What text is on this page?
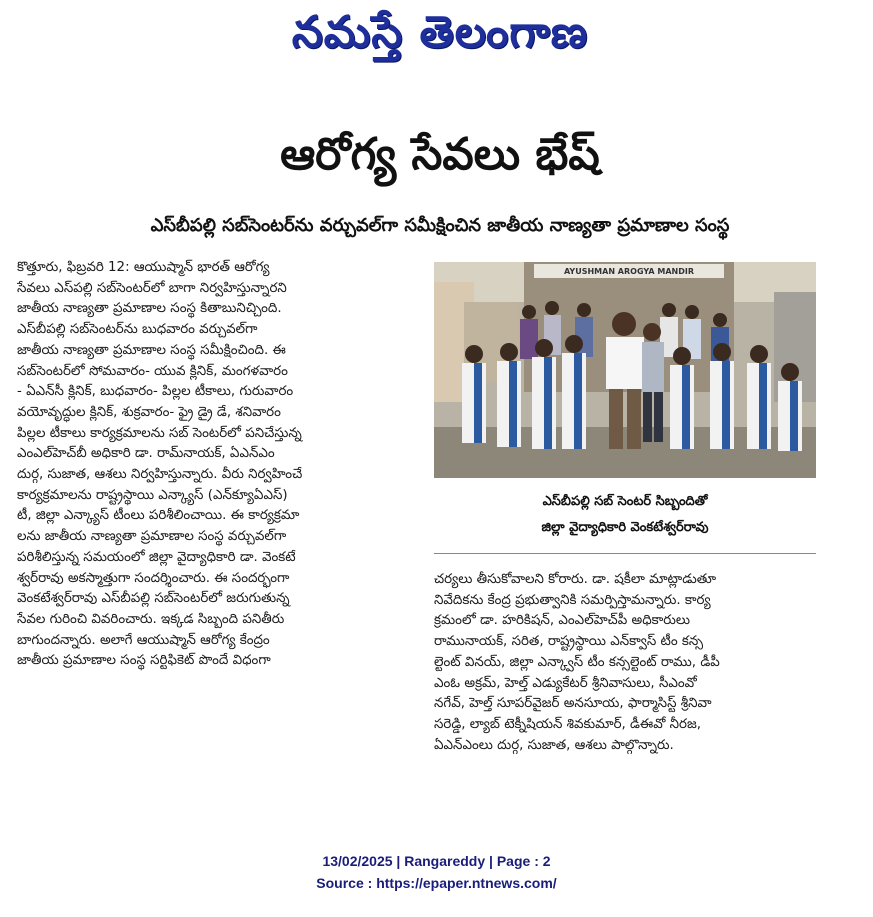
నమస్తే తెలంగాణ
ఆరోగ్య సేవలు భేష్
ఎస్‌బీపల్లి సబ్‌సెంటర్‌ను వర్చువల్‌గా సమీక్షించిన జాతీయ నాణ్యతా ప్రమాణాల సంస్థ
కొత్తూరు, ఫిబ్రవరి 12: ఆయుష్మాన్ భారత్ ఆరోగ్య
సేవలు ఎస్‌పల్లి సబ్‌సెంటర్‌లో బాగా నిర్వహిస్తున్నారని
జాతీయ నాణ్యతా ప్రమాణాల సంస్థ కితాబునిచ్చింది.
ఎస్‌బీపల్లి సబ్‌సెంటర్‌ను బుధవారం వర్చువల్‌గా
జాతీయ నాణ్యతా ప్రమాణాల సంస్థ సమీక్షించింది. ఈ
సబ్‌సెంటర్‌లో సోమవారం- యువ క్లినిక్, మంగళవారం
- ఏఎన్‌సీ క్లినిక్, బుధవారం- పిల్లల టీకాలు, గురువారం
వయోవృద్ధుల క్లినిక్, శుక్రవారం- ఫ్రై డ్రై డే, శనివారం
పిల్లల టీకాలు కార్యక్రమాలను సబ్ సెంటర్‌లో పనిచేస్తున్న
ఎంఎల్‌హెచ్‌బీ అధికారి డా. రామ్‌నాయక్, ఏఎన్‌ఎం
దుర్గ, సుజాత, ఆశలు నిర్వహిస్తున్నారు. వీరు నిర్వహించే
కార్యక్రమాలను రాష్ట్రస్థాయి ఎన్క్యాస్ (ఎన్‌క్యూఏఎస్)
టీ, జిల్లా ఎన్క్యాస్ టీంలు పరిశీలించాయి. ఈ కార్యక్రమా
లను జాతీయ నాణ్యతా ప్రమాణాల సంస్థ వర్చువల్‌గా
పరిశీలిస్తున్న సమయంలో జిల్లా వైద్యాధికారి డా. వెంకటే
శ్వర్‌రావు అకస్మాత్తుగా సందర్శించారు. ఈ సందర్భంగా
వెంకటేశ్వర్‌రావు ఎస్‌బీపల్లి సబ్‌సెంటర్‌లో జరుగుతున్న
సేవల గురించి వివరించారు. ఇక్కడ సిబ్బంది పనితీరు
బాగుందన్నారు. అలాగే ఆయుష్మాన్ ఆరోగ్య కేంద్రం
జాతీయ ప్రమాణాల సంస్థ సర్టిఫికెట్ పొందే విధంగా
AYUSHMAN AROGYA MANDIR
ఎస్‌బీపల్లి సబ్ సెంటర్ సిబ్బందితో
జిల్లా వైద్యాధికారి వెంకటేశ్వర్‌రావు
చర్యలు తీసుకోవాలని కోరారు. డా. షకీలా మాట్లాడుతూ
నివేదికను కేంద్ర ప్రభుత్వానికి సమర్పిస్తామన్నారు. కార్య
క్రమంలో డా. హరికిషన్, ఎంఎల్‌హెచ్‌పీ అధికారులు
రామునాయక్, సరిత, రాష్ట్రస్థాయి ఎన్‌క్వాస్ టీం కన్స
ల్టెంట్ వినయ్, జిల్లా ఎన్క్వాస్ టీం కన్సల్టెంట్ రాము, డీపీ
ఎంఓ అక్రమ్, హెల్త్ ఎడ్యుకేటర్ శ్రీనివాసులు, సీఎంవో
నగేవ్, హెల్త్ సూపర్‌వైజర్ అనసూయ, ఫార్మాసిస్ట్ శ్రీనివా
సరెడ్డి, ల్యాబ్ టెక్నీషియన్ శివకుమార్, డీఈవో నీరజ,
ఏఎన్ఎంలు దుర్గ, సుజాత, ఆశలు పాల్గొన్నారు.
13/02/2025 | Rangareddy | Page : 2
Source : https://epaper.ntnews.com/
